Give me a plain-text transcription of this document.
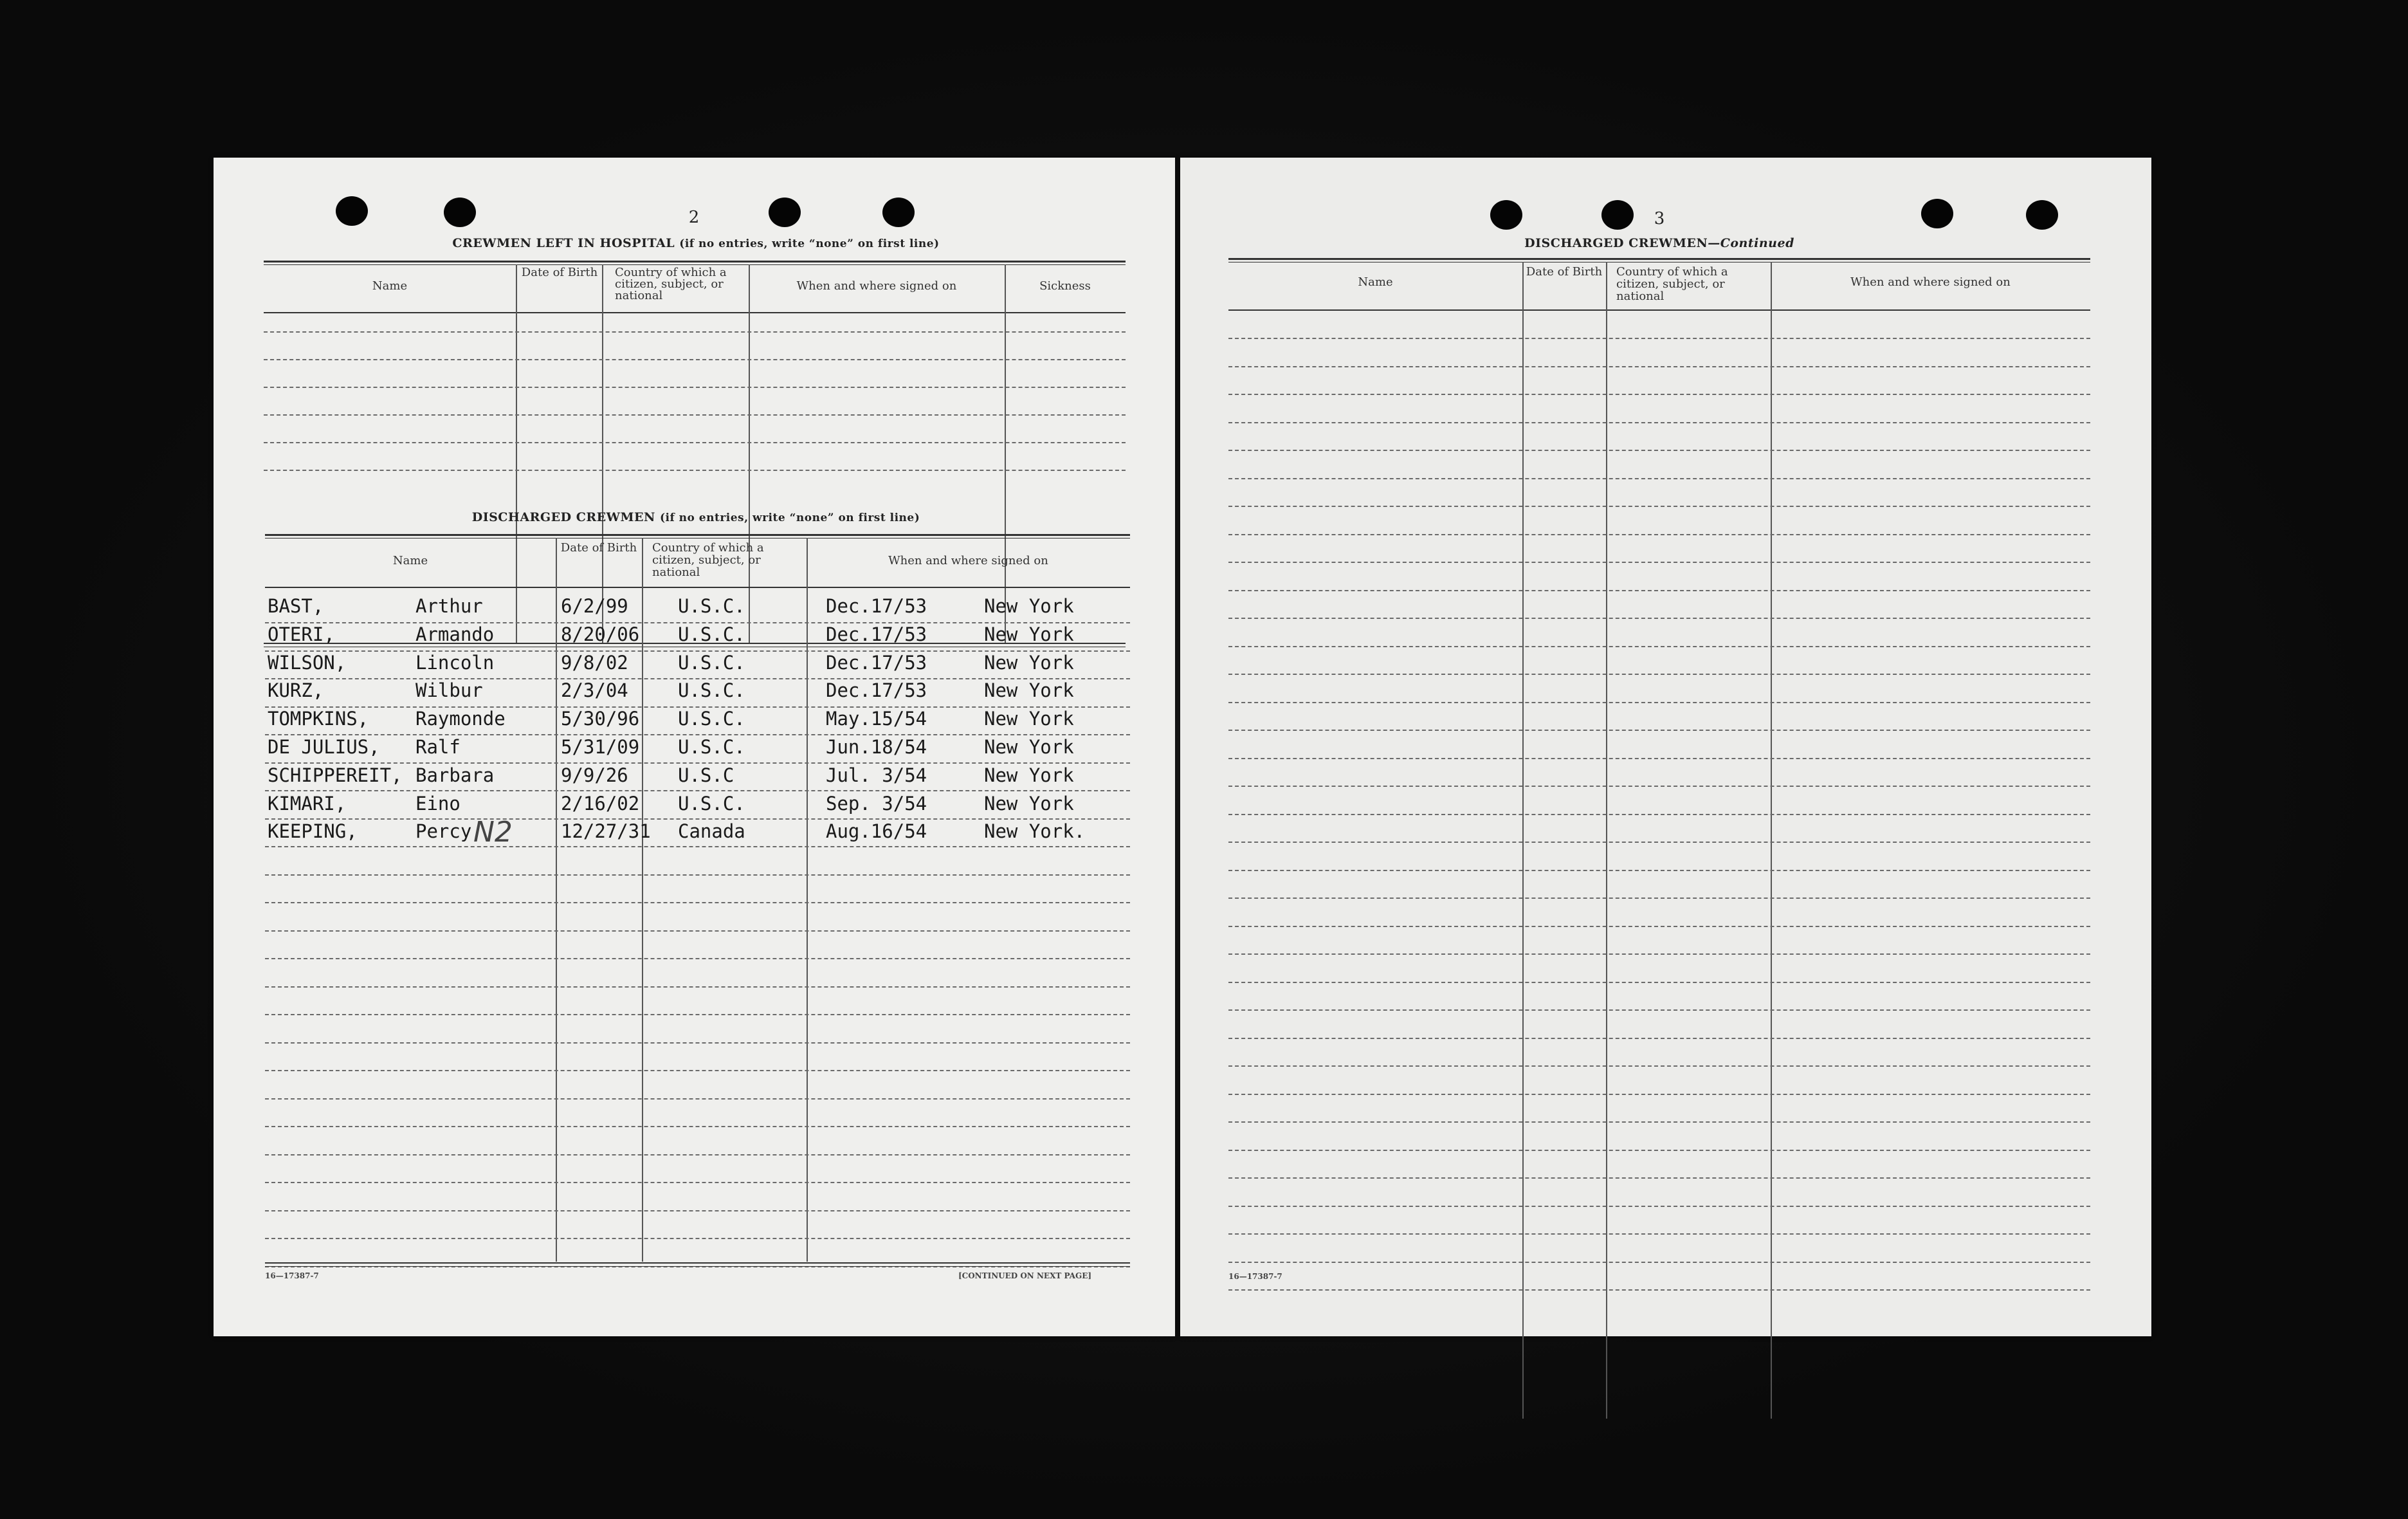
2
CREWMEN LEFT IN HOSPITAL (if no entries, write “none” on first line)
Name
Date of Birth	Country of which a citizen, subject, or national
When and where signed on	Sickness
DISCHARGED CREWMEN (if no entries, write “none” on first line)
Name
Date of Birth	Country of which a citizen, subject, or national
When and where signed on
BAST,	Arthur	6/2/99	U.S.C.	Dec.17/53	New York
OTERI,	Armando	8/20/06 U.S.C.	Dec.17/53	New York
WILSON,	Lincoln	9/8/02	U.S.C.	Dec.17/53	New York
KURZ,	Wilbur	2/3/04	U.S.C.	Dec.17/53	New York
TOMPKINS,	Raymonde	5/30/96 U.S.C.	May.15/54	New York
DE JULIUS, Ralf	5/31/09 U.S.C.	Jun.18/54	New York
SCHIPPEREIT, Barbara	9/9/26	U.S.C	Jul. 3/54	New York
KIMARI,	Eino	2/16/02 U.S.C.	Sep. 3/54	New York
KEEPING,	Percy	12/27/31 Canada	Aug.16/54	New York.
N2
16—17387-7	[CONTINUED ON NEXT PAGE]
3
DISCHARGED CREWMEN—Continued
Name
Date of Birth	Country of which a citizen, subject, or national
When and where signed on
16—17387-7
